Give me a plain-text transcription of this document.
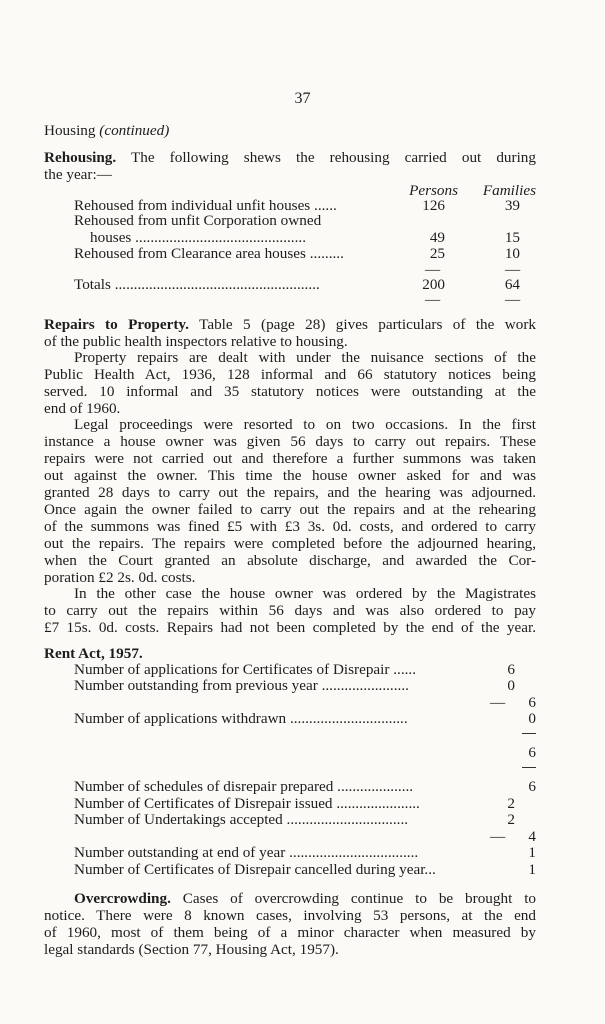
37
Housing (continued)
Rehousing. The following shews the rehousing carried out during
the year:—
Persons	Families
Rehoused from individual unfit houses ......	126	39
Rehoused from unfit Corporation owned
houses .............................................	49	15
Rehoused from Clearance area houses .........	25	10
—	—
Totals ......................................................	200	64
—	—
Repairs to Property. Table 5 (page 28) gives particulars of the work
of the public health inspectors relative to housing.
Property repairs are dealt with under the nuisance sections of the
Public Health Act, 1936, 128 informal and 66 statutory notices being
served. 10 informal and 35 statutory notices were outstanding at the
end of 1960.
Legal proceedings were resorted to on two occasions. In the first
instance a house owner was given 56 days to carry out repairs. These
repairs were not carried out and therefore a further summons was taken
out against the owner. This time the house owner asked for and was
granted 28 days to carry out the repairs, and the hearing was adjourned.
Once again the owner failed to carry out the repairs and at the rehearing
of the summons was fined £5 with £3 3s. 0d. costs, and ordered to carry
out the repairs. The repairs were completed before the adjourned hearing,
when the Court granted an absolute discharge, and awarded the Cor-
poration £2 2s. 0d. costs.
In the other case the house owner was ordered by the Magistrates
to carry out the repairs within 56 days and was also ordered to pay
£7 15s. 0d. costs. Repairs had not been completed by the end of the year.
Rent Act, 1957.
Number of applications for Certificates of Disrepair ......	6
Number outstanding from previous year .......................	0
—	6
Number of applications withdrawn ...............................	0
6
Number of schedules of disrepair prepared ....................	6
Number of Certificates of Disrepair issued ......................	2
Number of Undertakings accepted ................................	2
—	4
Number outstanding at end of year ..................................	1
Number of Certificates of Disrepair cancelled during year...	1
Overcrowding. Cases of overcrowding continue to be brought to
notice. There were 8 known cases, involving 53 persons, at the end
of 1960, most of them being of a minor character when measured by
legal standards (Section 77, Housing Act, 1957).
